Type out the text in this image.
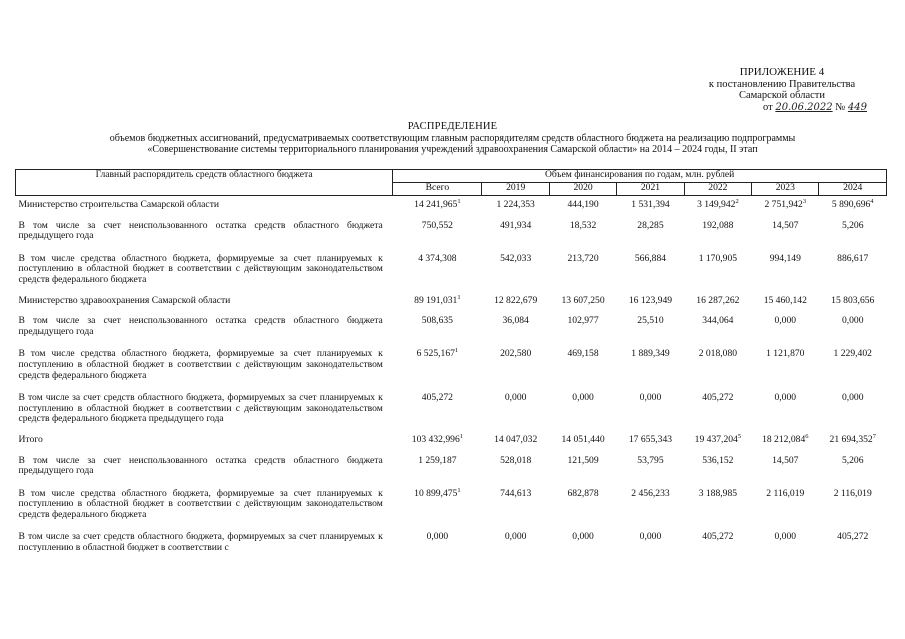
ПРИЛОЖЕНИЕ 4
к постановлению Правительства
Самарской области
от 20.06.2022 № 449
РАСПРЕДЕЛЕНИЕ
объемов бюджетных ассигнований, предусматриваемых соответствующим главным распорядителям средств областного бюджета на реализацию подпрограммы
«Совершенствование системы территориального планирования учреждений здравоохранения Самарской области» на 2014 – 2024 годы, II этап
Главный распорядитель средств областного бюджета	Объем финансирования по годам, млн. рублей						
	Всего	2019	2020	2021	2022	2023	2024
Министерство строительства Самарской области	14 241,965$^1$	1 224,353	444,190	1 531,394	3 149,942$^2$	2 751,942$^3$	5 890,696$^4$
В том числе за счет неиспользованного остатка средств областного бюджета предыдущего года	750,552	491,934	18,532	28,285	192,088	14,507	5,206
В том числе средства областного бюджета, формируемые за счет планируемых к поступлению в областной бюджет в соответствии с действующим законодательством средств федерального бюджета	4 374,308	542,033	213,720	566,884	1 170,905	994,149	886,617
Министерство здравоохранения Самарской области	89 191,031$^1$	12 822,679	13 607,250	16 123,949	16 287,262	15 460,142	15 803,656
В том числе за счет неиспользованного остатка средств областного бюджета предыдущего года	508,635	36,084	102,977	25,510	344,064	0,000	0,000
В том числе средства областного бюджета, формируемые за счет планируемых к поступлению в областной бюджет в соответствии с действующим законодательством средств федерального бюджета	6 525,167$^1$	202,580	469,158	1 889,349	2 018,080	1 121,870	1 229,402
В том числе за счет средств областного бюджета, формируемых за счет планируемых к поступлению в областной бюджет в соответствии с действующим законодательством средств федерального бюджета предыдущего года	405,272	0,000	0,000	0,000	405,272	0,000	0,000
Итого	103 432,996$^1$	14 047,032	14 051,440	17 655,343	19 437,204$^5$	18 212,084$^6$	21 694,352$^7$
В том числе за счет неиспользованного остатка средств областного бюджета предыдущего года	1 259,187	528,018	121,509	53,795	536,152	14,507	5,206
В том числе средства областного бюджета, формируемые за счет планируемых к поступлению в областной бюджет в соответствии с действующим законодательством средств федерального бюджета	10 899,475$^1$	744,613	682,878	2 456,233	3 188,985	2 116,019	2 116,019
В том числе за счет средств областного бюджета, формируемых за счет планируемых к поступлению в областной бюджет в соответствии с	0,000	0,000	0,000	0,000	405,272	0,000	405,272
